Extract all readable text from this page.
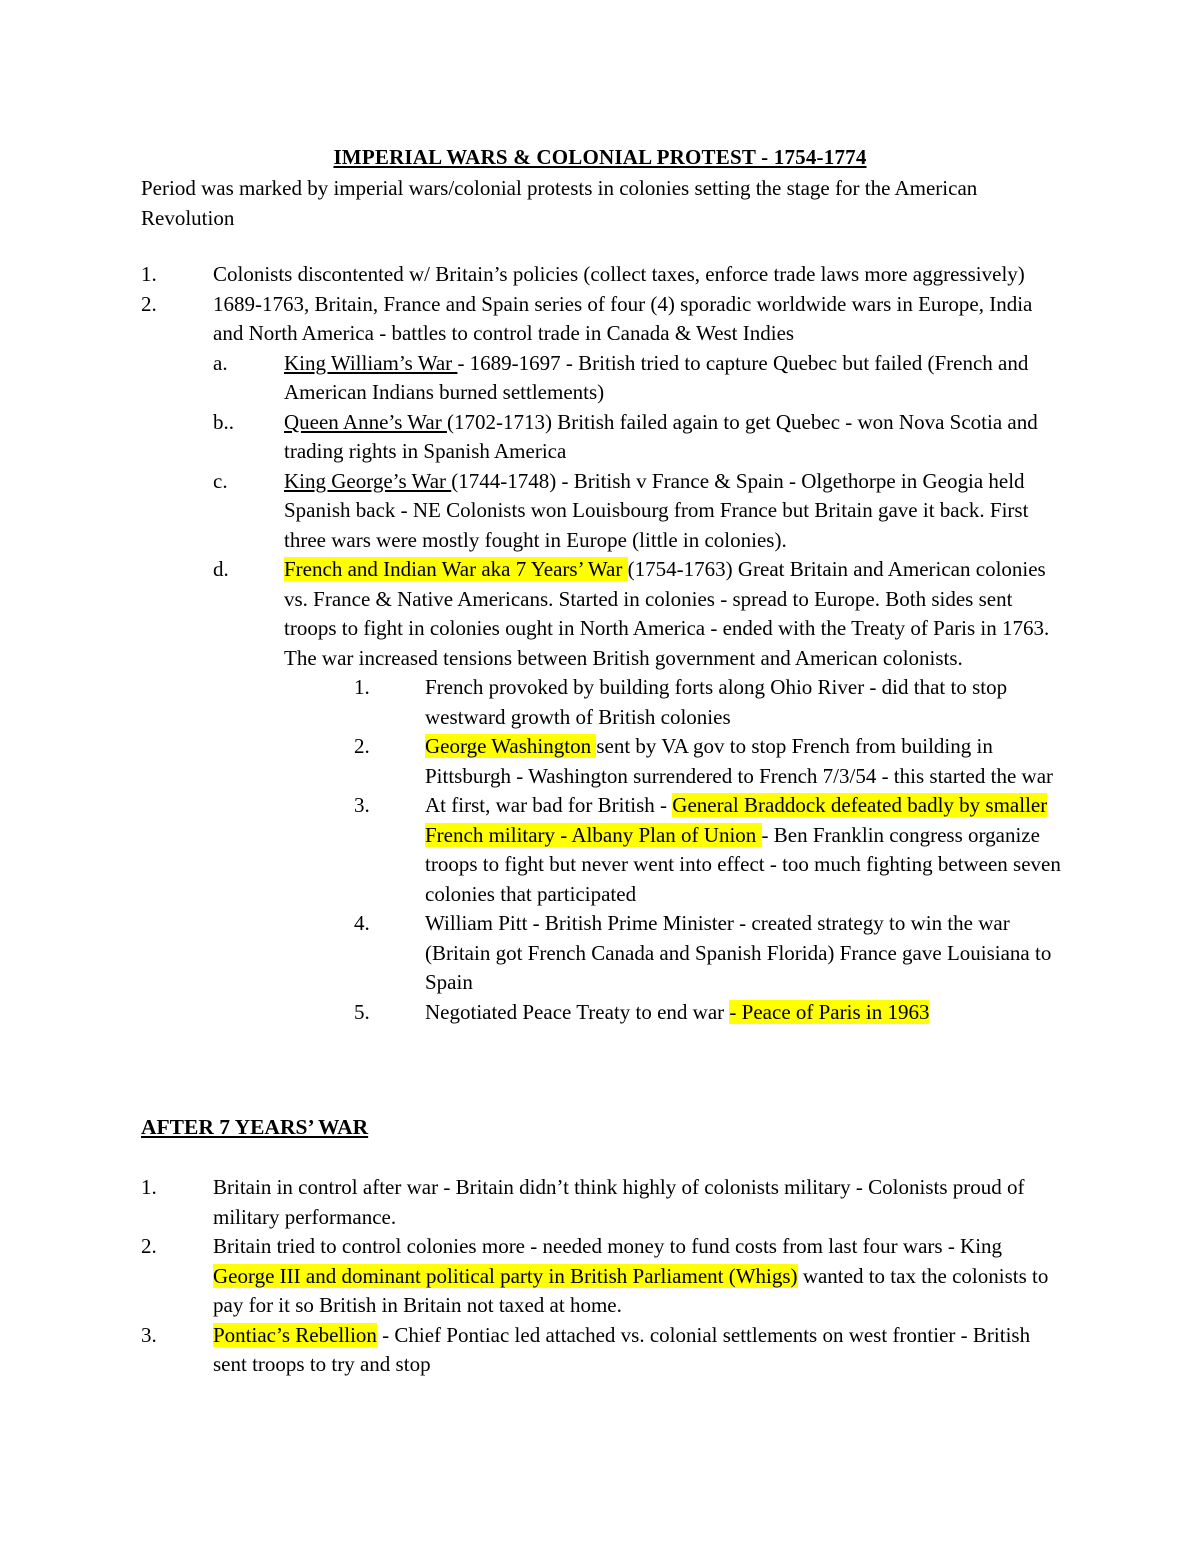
IMPERIAL WARS & COLONIAL PROTEST - 1754-1774
Period was marked by imperial wars/colonial protests in colonies setting the stage for the American Revolution
1.	Colonists discontented w/ Britain’s policies (collect taxes, enforce trade laws more aggressively)
2.	1689-1763, Britain, France and Spain series of four (4) sporadic worldwide wars in Europe, India and North America - battles to control trade in Canada & West Indies
a.	King William’s War - 1689-1697 - British tried to capture Quebec but failed (French and American Indians burned settlements)
b.. Queen Anne’s War (1702-1713) British failed again to get Quebec - won Nova Scotia and trading rights in Spanish America
c.	King George’s War (1744-1748) - British v France & Spain - Olgethorpe in Geogia held Spanish back - NE Colonists won Louisbourg from France but Britain gave it back. First three wars were mostly fought in Europe (little in colonies).
d.	French and Indian War aka 7 Years’ War (1754-1763) Great Britain and American colonies vs. France & Native Americans. Started in colonies - spread to Europe. Both sides sent troops to fight in colonies ought in North America - ended with the Treaty of Paris in 1763. The war increased tensions between British government and American colonists.
1.	French provoked by building forts along Ohio River - did that to stop westward growth of British colonies
2.	George Washington sent by VA gov to stop French from building in Pittsburgh - Washington surrendered to French 7/3/54 - this started the war
3.	At first, war bad for British - General Braddock defeated badly by smaller French military - Albany Plan of Union - Ben Franklin congress organize troops to fight but never went into effect - too much fighting between seven colonies that participated
4.	William Pitt - British Prime Minister - created strategy to win the war (Britain got French Canada and Spanish Florida) France gave Louisiana to Spain
5.	Negotiated Peace Treaty to end war - Peace of Paris in 1963
AFTER 7 YEARS’ WAR
1.	Britain in control after war - Britain didn’t think highly of colonists military - Colonists proud of military performance.
2.	Britain tried to control colonies more - needed money to fund costs from last four wars - King George III and dominant political party in British Parliament (Whigs) wanted to tax the colonists to pay for it so British in Britain not taxed at home.
3.	Pontiac’s Rebellion - Chief Pontiac led attached vs. colonial settlements on west frontier - British sent troops to try and stop
